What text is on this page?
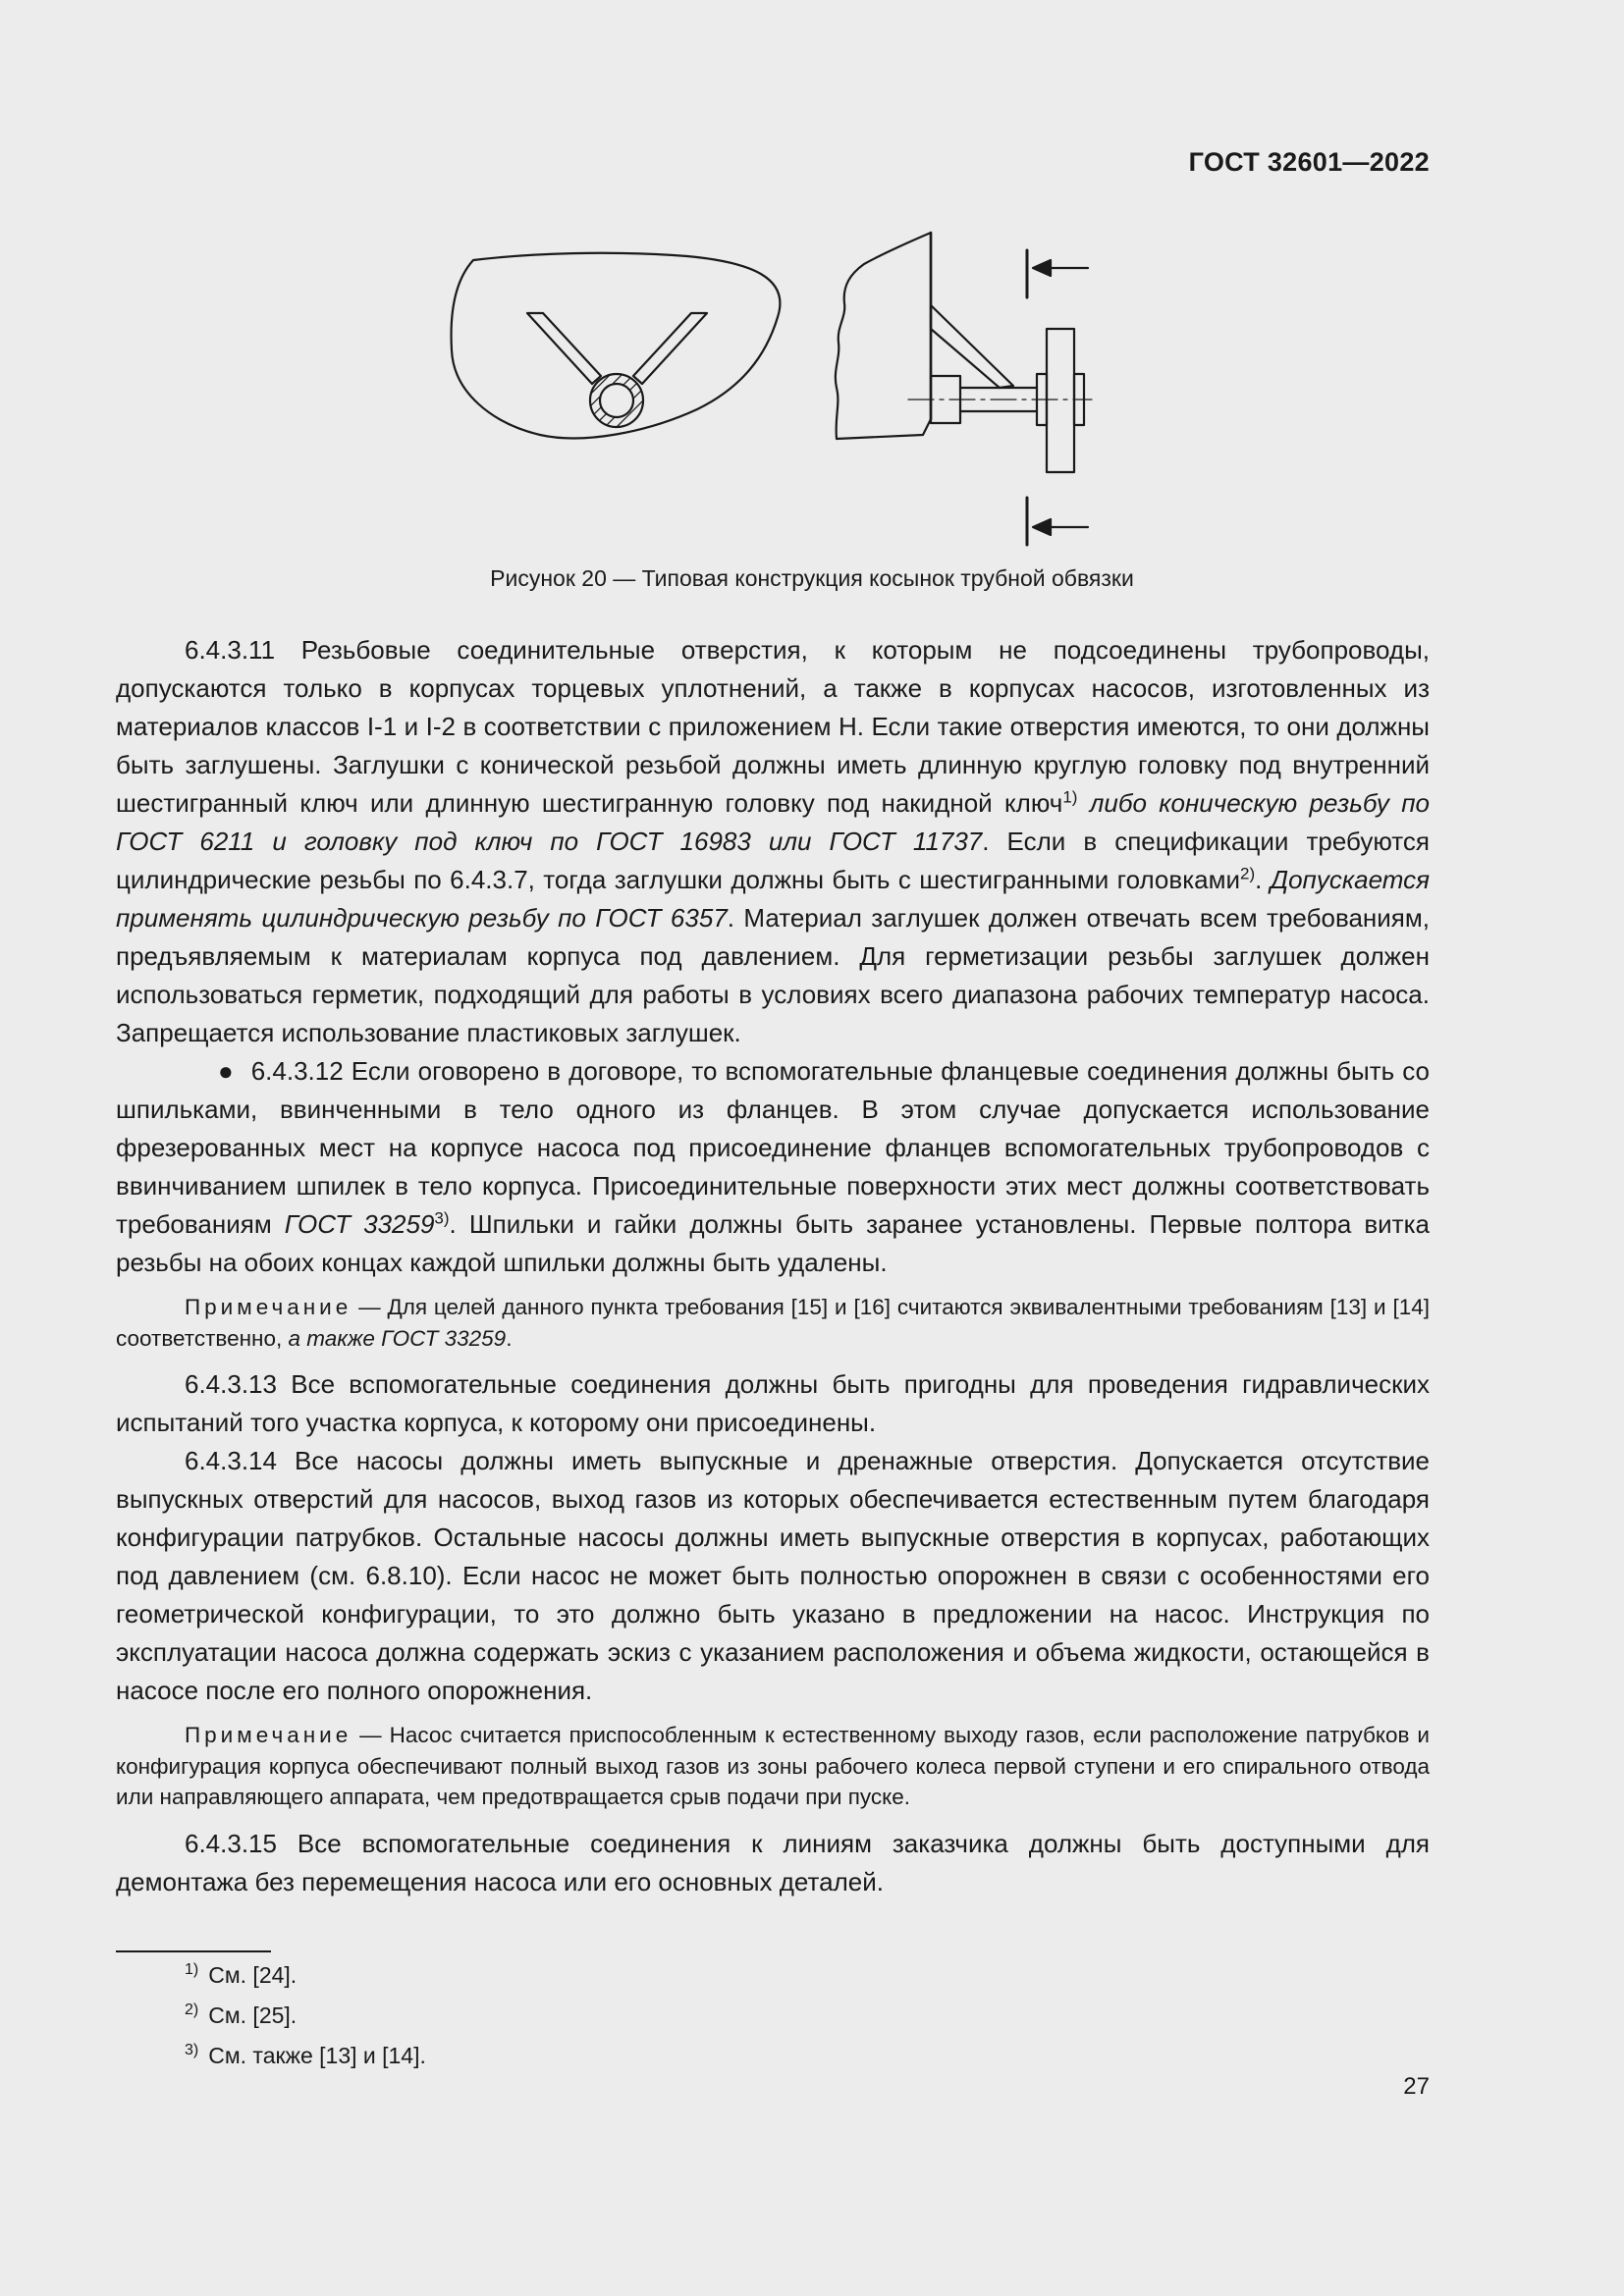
ГОСТ 32601—2022
Рисунок 20 — Типовая конструкция косынок трубной обвязки

6.4.3.11 Резьбовые соединительные отверстия, к которым не подсоединены трубопроводы, допускаются только в корпусах торцевых уплотнений, а также в корпусах насосов, изготовленных из материалов классов I-1 и I-2 в соответствии с приложением Н. Если такие отверстия имеются, то они должны быть заглушены. Заглушки с конической резьбой должны иметь длинную круглую головку под внутренний шестигранный ключ или длинную шестигранную головку под накидной ключ$^{1)}$ либо коническую резьбу по ГОСТ 6211 и головку под ключ по ГОСТ 16983 или ГОСТ 11737. Если в спецификации требуются цилиндрические резьбы по 6.4.3.7, тогда заглушки должны быть с шестигранными головками$^{2)}$. Допускается применять цилиндрическую резьбу по ГОСТ 6357. Материал заглушек должен отвечать всем требованиям, предъявляемым к материалам корпуса под давлением. Для герметизации резьбы заглушек должен использоваться герметик, подходящий для работы в условиях всего диапазона рабочих температур насоса. Запрещается использование пластиковых заглушек.

● 6.4.3.12 Если оговорено в договоре, то вспомогательные фланцевые соединения должны быть со шпильками, ввинченными в тело одного из фланцев. В этом случае допускается использование фрезерованных мест на корпусе насоса под присоединение фланцев вспомогательных трубопроводов с ввинчиванием шпилек в тело корпуса. Присоединительные поверхности этих мест должны соответствовать требованиям ГОСТ 33259$^{3)}$. Шпильки и гайки должны быть заранее установлены. Первые полтора витка резьбы на обоих концах каждой шпильки должны быть удалены.

Примечание — Для целей данного пункта требования [15] и [16] считаются эквивалентными требованиям [13] и [14] соответственно, а также ГОСТ 33259.

6.4.3.13 Все вспомогательные соединения должны быть пригодны для проведения гидравлических испытаний того участка корпуса, к которому они присоединены.

6.4.3.14 Все насосы должны иметь выпускные и дренажные отверстия. Допускается отсутствие выпускных отверстий для насосов, выход газов из которых обеспечивается естественным путем благодаря конфигурации патрубков. Остальные насосы должны иметь выпускные отверстия в корпусах, работающих под давлением (см. 6.8.10). Если насос не может быть полностью опорожнен в связи с особенностями его геометрической конфигурации, то это должно быть указано в предложении на насос. Инструкция по эксплуатации насоса должна содержать эскиз с указанием расположения и объема жидкости, остающейся в насосе после его полного опорожнения.

Примечание — Насос считается приспособленным к естественному выходу газов, если расположение патрубков и конфигурация корпуса обеспечивают полный выход газов из зоны рабочего колеса первой ступени и его спирального отвода или направляющего аппарата, чем предотвращается срыв подачи при пуске.

6.4.3.15 Все вспомогательные соединения к линиям заказчика должны быть доступными для демонтажа без перемещения насоса или его основных деталей.

$^{1)}$ См. [24].
$^{2)}$ См. [25].
$^{3)}$ См. также [13] и [14].
27
